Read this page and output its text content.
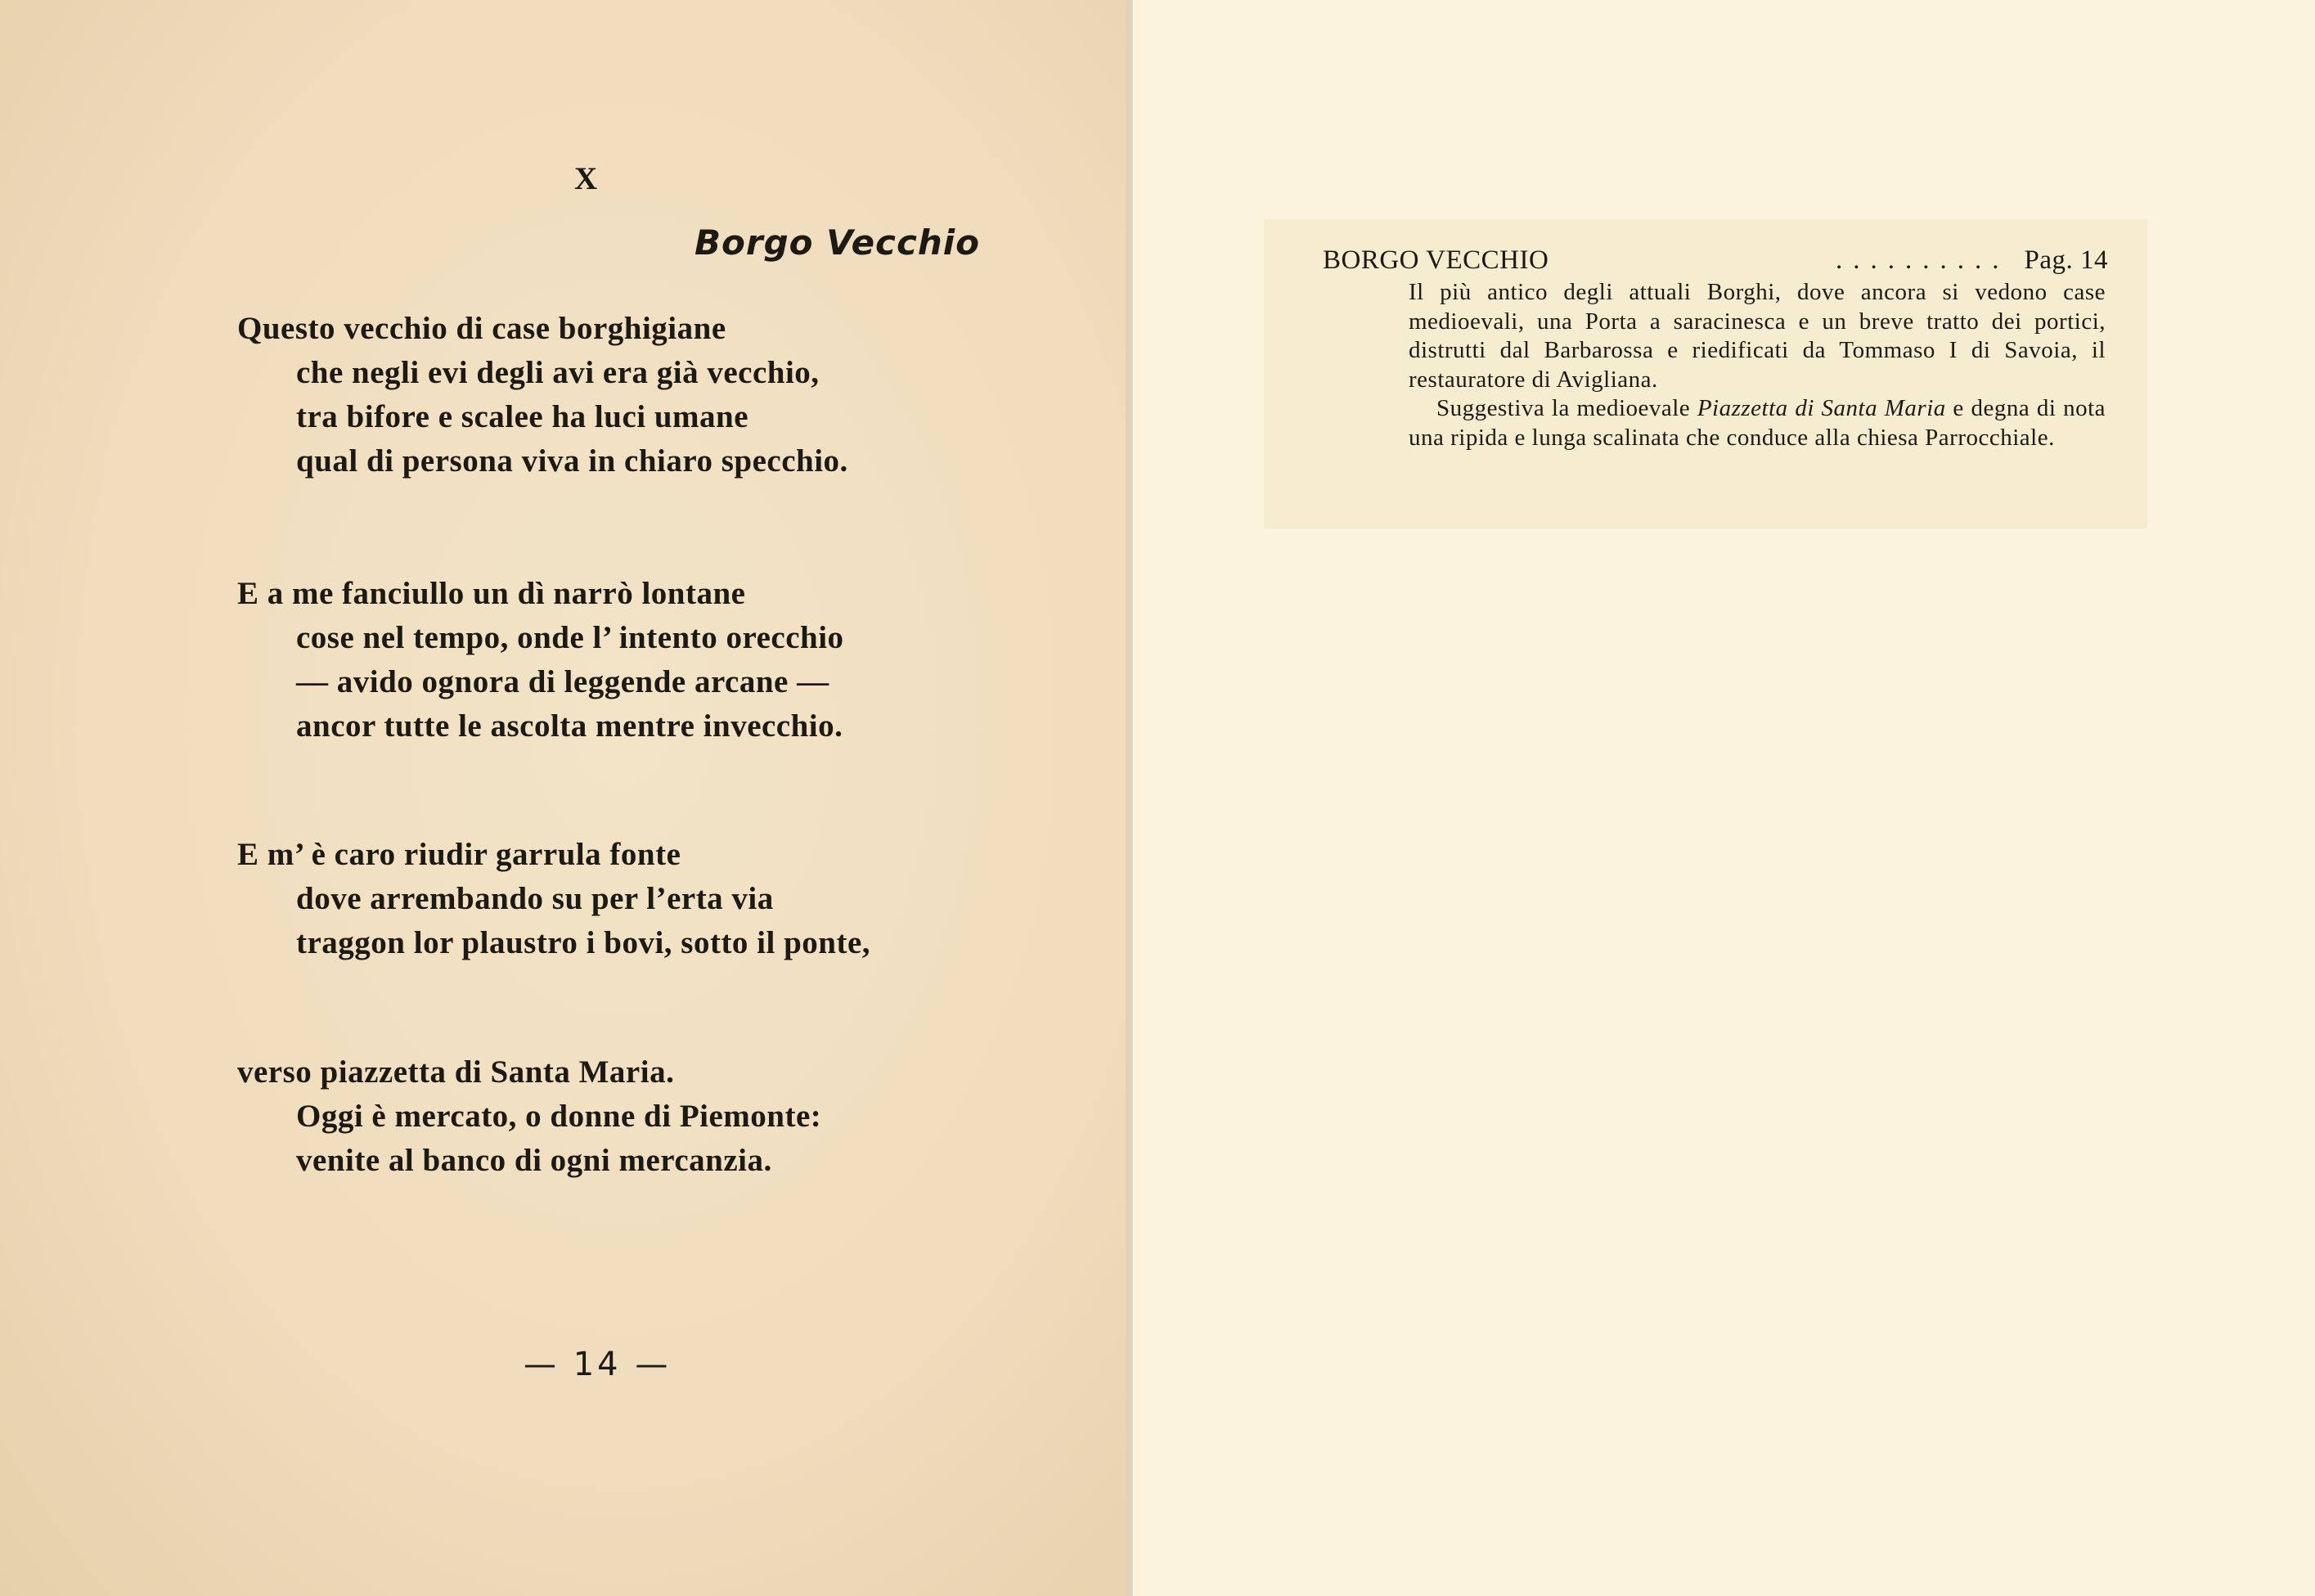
X
Borgo Vecchio
Questo vecchio di case borghigiane
che negli evi degli avi era già vecchio,
tra bifore e scalee ha luci umane
qual di persona viva in chiaro specchio.
E a me fanciullo un dì narrò lontane
cose nel tempo, onde l’ intento orecchio
— avido ognora di leggende arcane —
ancor tutte le ascolta mentre invecchio.
E m’ è caro riudir garrula fonte
dove arrembando su per l’erta via
traggon lor plaustro i bovi, sotto il ponte,
verso piazzetta di Santa Maria.
Oggi è mercato, o donne di Piemonte:
venite al banco di ogni mercanzia.
— 14 —
BORGO VECCHIO	.......... Pag. 14

Il più antico degli attuali Borghi, dove ancora si vedono case medioevali, una Porta a saracinesca e un breve tratto dei portici, distrutti dal Barbarossa e riedificati da Tommaso I di Savoia, il restauratore di Avigliana.

Suggestiva la medioevale Piazzetta di Santa Maria e degna di nota una ripida e lunga scalinata che conduce alla chiesa Parrocchiale.
